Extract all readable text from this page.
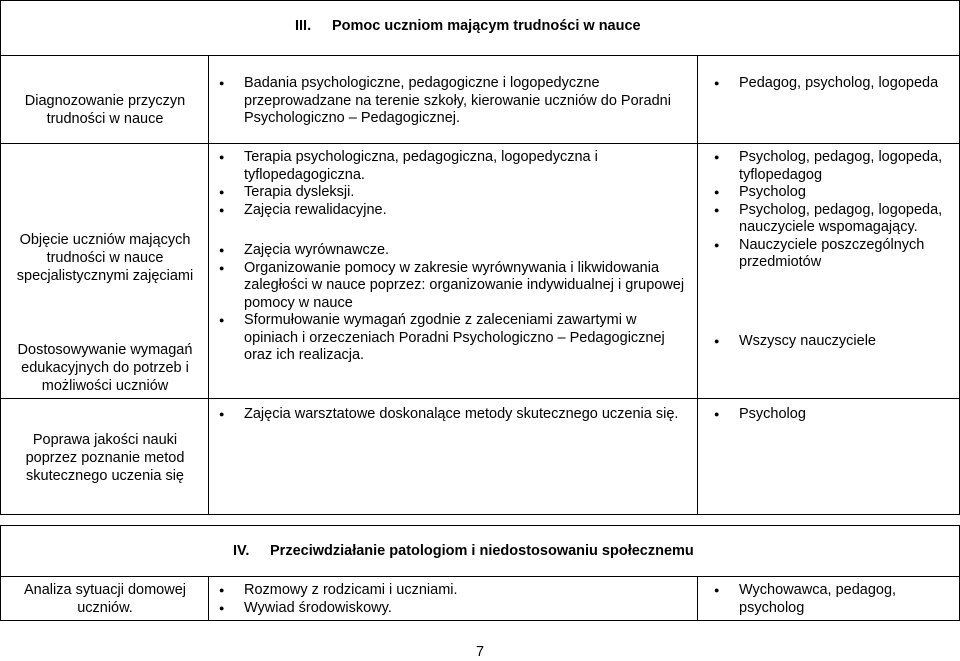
III. Pomoc uczniom mającym trudności w nauce
Diagnozowanie przyczyn trudności w nauce
● Badania psychologiczne, pedagogiczne i logopedyczne przeprowadzane na terenie szkoły, kierowanie uczniów do Poradni Psychologiczno – Pedagogicznej.
● Pedagog, psycholog, logopeda
Objęcie uczniów mających trudności w nauce specjalistycznymi zajęciami
Dostosowywanie wymagań edukacyjnych do potrzeb i możliwości uczniów
● Terapia psychologiczna, pedagogiczna, logopedyczna i tyflopedagogiczna.
● Terapia dysleksji.
● Zajęcia rewalidacyjne.
● Zajęcia wyrównawcze.
● Organizowanie pomocy w zakresie wyrównywania i likwidowania zaległości w nauce poprzez: organizowanie indywidualnej i grupowej pomocy w nauce
● Sformułowanie wymagań zgodnie z zaleceniami zawartymi w opiniach i orzeczeniach Poradni Psychologiczno – Pedagogicznej oraz ich realizacja.
● Psycholog, pedagog, logopeda, tyflopedagog
● Psycholog
● Psycholog, pedagog, logopeda, nauczyciele wspomagający.
● Nauczyciele poszczególnych przedmiotów
● Wszyscy nauczyciele
Poprawa jakości nauki poprzez poznanie metod skutecznego uczenia się
● Zajęcia warsztatowe doskonalące metody skutecznego uczenia się.
●	Psycholog
IV. Przeciwdziałanie patologiom i niedostosowaniu społecznemu
Analiza sytuacji domowej uczniów.
● Rozmowy z rodzicami i uczniami.
● Wywiad środowiskowy.
● Wychowawca, pedagog, psycholog
7
